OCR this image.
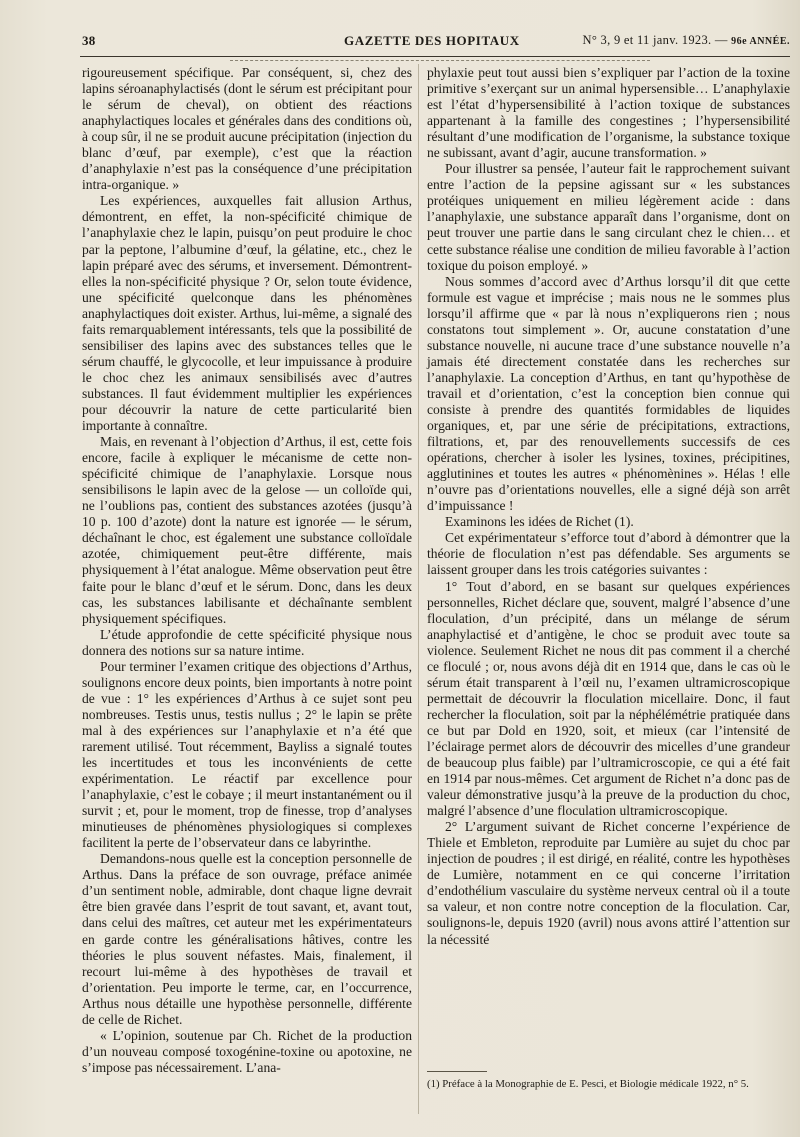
38	GAZETTE DES HOPITAUX	N° 3, 9 et 11 janv. 1923. — 96e ANNÉE.

rigoureusement spécifique. Par conséquent, si, chez des lapins séroanaphylactisés (dont le sérum est précipitant pour le sérum de cheval), on obtient des réactions anaphylactiques locales et générales dans des conditions où, à coup sûr, il ne se produit aucune précipitation (injection du blanc d’œuf, par exemple), c’est que la réaction d’anaphylaxie n’est pas la conséquence d’une précipitation intra-organique. »

Les expériences, auxquelles fait allusion Arthus, démontrent, en effet, la non-spécificité chimique de l’anaphylaxie chez le lapin, puisqu’on peut produire le choc par la peptone, l’albumine d’œuf, la gélatine, etc., chez le lapin préparé avec des sérums, et inversement. Démontrent-elles la non-spécificité physique ? Or, selon toute évidence, une spécificité quelconque dans les phénomènes anaphylactiques doit exister. Arthus, lui-même, a signalé des faits remarquablement intéressants, tels que la possibilité de sensibiliser des lapins avec des substances telles que le sérum chauffé, le glycocolle, et leur impuissance à produire le choc chez les animaux sensibilisés avec d’autres substances. Il faut évidemment multiplier les expériences pour découvrir la nature de cette particularité bien importante à connaître.

Mais, en revenant à l’objection d’Arthus, il est, cette fois encore, facile à expliquer le mécanisme de cette non-spécificité chimique de l’anaphylaxie. Lorsque nous sensibilisons le lapin avec de la gelose — un colloïde qui, ne l’oublions pas, contient des substances azotées (jusqu’à 10 p. 100 d’azote) dont la nature est ignorée — le sérum, déchaînant le choc, est également une substance colloïdale azotée, chimiquement peut-être différente, mais physiquement à l’état analogue. Même observation peut être faite pour le blanc d’œuf et le sérum. Donc, dans les deux cas, les substances labilisante et déchaînante semblent physiquement spécifiques.

L’étude approfondie de cette spécificité physique nous donnera des notions sur sa nature intime.

Pour terminer l’examen critique des objections d’Arthus, soulignons encore deux points, bien importants à notre point de vue : 1° les expériences d’Arthus à ce sujet sont peu nombreuses. Testis unus, testis nullus ; 2° le lapin se prête mal à des expériences sur l’anaphylaxie et n’a été que rarement utilisé. Tout récemment, Bayliss a signalé toutes les incertitudes et tous les inconvénients de cette expérimentation. Le réactif par excellence pour l’anaphylaxie, c’est le cobaye ; il meurt instantanément ou il survit ; et, pour le moment, trop de finesse, trop d’analyses minutieuses de phénomènes physiologiques si complexes facilitent la perte de l’observateur dans ce labyrinthe.

Demandons-nous quelle est la conception personnelle de Arthus. Dans la préface de son ouvrage, préface animée d’un sentiment noble, admirable, dont chaque ligne devrait être bien gravée dans l’esprit de tout savant, et, avant tout, dans celui des maîtres, cet auteur met les expérimentateurs en garde contre les généralisations hâtives, contre les théories le plus souvent néfastes. Mais, finalement, il recourt lui-même à des hypothèses de travail et d’orientation. Peu importe le terme, car, en l’occurrence, Arthus nous détaille une hypothèse personnelle, différente de celle de Richet.

« L’opinion, soutenue par Ch. Richet de la production d’un nouveau composé toxogénine-toxine ou apotoxine, ne s’impose pas nécessairement. L’ana-

phylaxie peut tout aussi bien s’expliquer par l’action de la toxine primitive s’exerçant sur un animal hypersensible… L’anaphylaxie est l’état d’hypersensibilité à l’action toxique de substances appartenant à la famille des congestines ; l’hypersensibilité résultant d’une modification de l’organisme, la substance toxique ne subissant, avant d’agir, aucune transformation. »

Pour illustrer sa pensée, l’auteur fait le rapprochement suivant entre l’action de la pepsine agissant sur « les substances protéiques uniquement en milieu légèrement acide : dans l’anaphylaxie, une substance apparaît dans l’organisme, dont on peut trouver une partie dans le sang circulant chez le chien… et cette substance réalise une condition de milieu favorable à l’action toxique du poison employé. »

Nous sommes d’accord avec d’Arthus lorsqu’il dit que cette formule est vague et imprécise ; mais nous ne le sommes plus lorsqu’il affirme que « par là nous n’expliquerons rien ; nous constatons tout simplement ». Or, aucune constatation d’une substance nouvelle, ni aucune trace d’une substance nouvelle n’a jamais été directement constatée dans les recherches sur l’anaphylaxie. La conception d’Arthus, en tant qu’hypothèse de travail et d’orientation, c’est la conception bien connue qui consiste à prendre des quantités formidables de liquides organiques, et, par une série de précipitations, extractions, filtrations, et, par des renouvellements successifs de ces opérations, chercher à isoler les lysines, toxines, précipitines, agglutinines et toutes les autres « phénomènines ». Hélas ! elle n’ouvre pas d’orientations nouvelles, elle a signé déjà son arrêt d’impuissance !

Examinons les idées de Richet (1).

Cet expérimentateur s’efforce tout d’abord à démontrer que la théorie de floculation n’est pas défendable. Ses arguments se laissent grouper dans les trois catégories suivantes :

1° Tout d’abord, en se basant sur quelques expériences personnelles, Richet déclare que, souvent, malgré l’absence d’une floculation, d’un précipité, dans un mélange de sérum anaphylactisé et d’antigène, le choc se produit avec toute sa violence. Seulement Richet ne nous dit pas comment il a cherché ce floculé ; or, nous avons déjà dit en 1914 que, dans le cas où le sérum était transparent à l’œil nu, l’examen ultramicroscopique permettait de découvrir la floculation micellaire. Donc, il faut rechercher la floculation, soit par la néphélémétrie pratiquée dans ce but par Dold en 1920, soit, et mieux (car l’intensité de l’éclairage permet alors de découvrir des micelles d’une grandeur de beaucoup plus faible) par l’ultramicroscopie, ce qui a été fait en 1914 par nous-mêmes. Cet argument de Richet n’a donc pas de valeur démonstrative jusqu’à la preuve de la production du choc, malgré l’absence d’une floculation ultramicroscopique.

2° L’argument suivant de Richet concerne l’expérience de Thiele et Embleton, reproduite par Lumière au sujet du choc par injection de poudres ; il est dirigé, en réalité, contre les hypothèses de Lumière, notamment en ce qui concerne l’irritation d’endothélium vasculaire du système nerveux central où il a toute sa valeur, et non contre notre conception de la floculation. Car, soulignons-le, depuis 1920 (avril) nous avons attiré l’attention sur la nécessité

(1) Préface à la Monographie de E. Pesci, et Biologie médicale 1922, n° 5.
